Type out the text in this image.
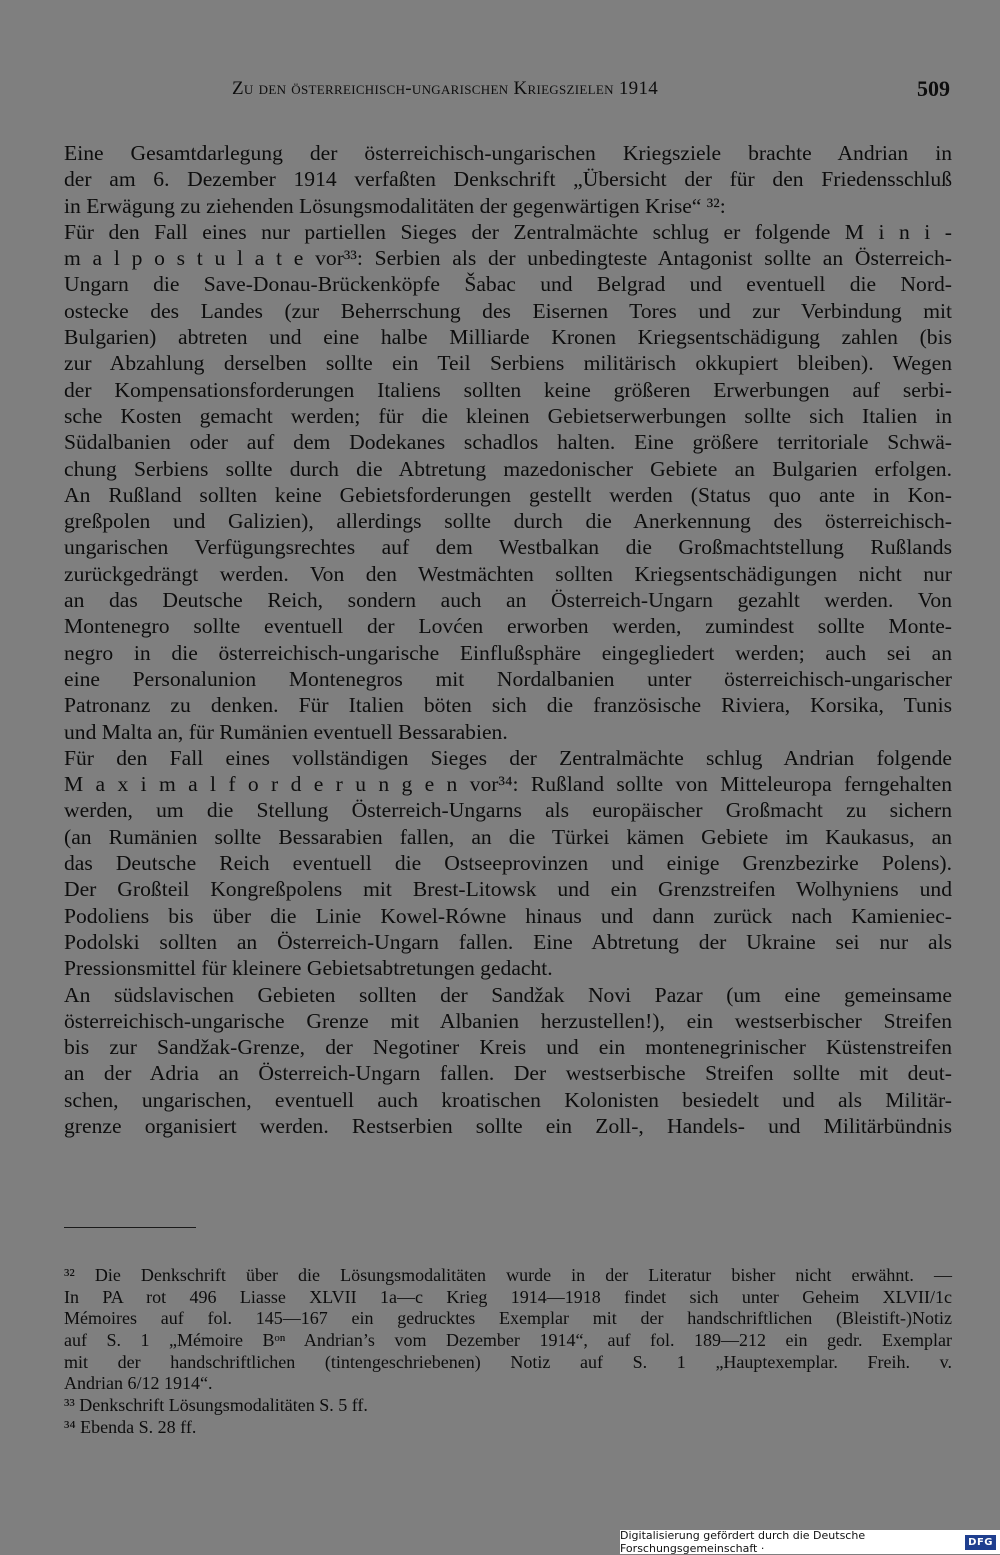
Zu den österreichisch-ungarischen Kriegszielen 1914	509
Eine Gesamtdarlegung der österreichisch-ungarischen Kriegsziele brachte Andrian in
der am 6. Dezember 1914 verfaßten Denkschrift „Übersicht der für den Friedensschluß
in Erwägung zu ziehenden Lösungsmodalitäten der gegenwärtigen Krise“ ³²:
Für den Fall eines nur partiellen Sieges der Zentralmächte schlug er folgende M i n i -
m a l p o s t u l a t e vor³³: Serbien als der unbedingteste Antagonist sollte an Österreich-
Ungarn die Save-Donau-Brückenköpfe Šabac und Belgrad und eventuell die Nord-
ostecke des Landes (zur Beherrschung des Eisernen Tores und zur Verbindung mit
Bulgarien) abtreten und eine halbe Milliarde Kronen Kriegsentschädigung zahlen (bis
zur Abzahlung derselben sollte ein Teil Serbiens militärisch okkupiert bleiben). Wegen
der Kompensationsforderungen Italiens sollten keine größeren Erwerbungen auf serbi-
sche Kosten gemacht werden; für die kleinen Gebietserwerbungen sollte sich Italien in
Südalbanien oder auf dem Dodekanes schadlos halten. Eine größere territoriale Schwä-
chung Serbiens sollte durch die Abtretung mazedonischer Gebiete an Bulgarien erfolgen.
An Rußland sollten keine Gebietsforderungen gestellt werden (Status quo ante in Kon-
greßpolen und Galizien), allerdings sollte durch die Anerkennung des österreichisch-
ungarischen Verfügungsrechtes auf dem Westbalkan die Großmachtstellung Rußlands
zurückgedrängt werden. Von den Westmächten sollten Kriegsentschädigungen nicht nur
an das Deutsche Reich, sondern auch an Österreich-Ungarn gezahlt werden. Von
Montenegro sollte eventuell der Lovćen erworben werden, zumindest sollte Monte-
negro in die österreichisch-ungarische Einflußsphäre eingegliedert werden; auch sei an
eine Personalunion Montenegros mit Nordalbanien unter österreichisch-ungarischer
Patronanz zu denken. Für Italien böten sich die französische Riviera, Korsika, Tunis
und Malta an, für Rumänien eventuell Bessarabien.
Für den Fall eines vollständigen Sieges der Zentralmächte schlug Andrian folgende
M a x i m a l f o r d e r u n g e n vor³⁴: Rußland sollte von Mitteleuropa ferngehalten
werden, um die Stellung Österreich-Ungarns als europäischer Großmacht zu sichern
(an Rumänien sollte Bessarabien fallen, an die Türkei kämen Gebiete im Kaukasus, an
das Deutsche Reich eventuell die Ostseeprovinzen und einige Grenzbezirke Polens).
Der Großteil Kongreßpolens mit Brest-Litowsk und ein Grenzstreifen Wolhyniens und
Podoliens bis über die Linie Kowel-Równe hinaus und dann zurück nach Kamieniec-
Podolski sollten an Österreich-Ungarn fallen. Eine Abtretung der Ukraine sei nur als
Pressionsmittel für kleinere Gebietsabtretungen gedacht.
An südslavischen Gebieten sollten der Sandžak Novi Pazar (um eine gemeinsame
österreichisch-ungarische Grenze mit Albanien herzustellen!), ein westserbischer Streifen
bis zur Sandžak-Grenze, der Negotiner Kreis und ein montenegrinischer Küstenstreifen
an der Adria an Österreich-Ungarn fallen. Der westserbische Streifen sollte mit deut-
schen, ungarischen, eventuell auch kroatischen Kolonisten besiedelt und als Militär-
grenze organisiert werden. Restserbien sollte ein Zoll-, Handels- und Militärbündnis
³² Die Denkschrift über die Lösungsmodalitäten wurde in der Literatur bisher nicht erwähnt. —
In PA rot 496 Liasse XLVII 1a—c Krieg 1914—1918 findet sich unter Geheim XLVII/1c
Mémoires auf fol. 145—167 ein gedrucktes Exemplar mit der handschriftlichen (Bleistift-)Notiz
auf S. 1 „Mémoire Bᵒⁿ Andrian’s vom Dezember 1914“, auf fol. 189—212 ein gedr. Exemplar
mit der handschriftlichen (tintengeschriebenen) Notiz auf S. 1 „Hauptexemplar. Freih. v.
Andrian 6/12 1914“.
³³ Denkschrift Lösungsmodalitäten S. 5 ff.
³⁴ Ebenda S. 28 ff.
Digitalisierung gefördert durch die Deutsche Forschungsgemeinschaft ·	DFG
